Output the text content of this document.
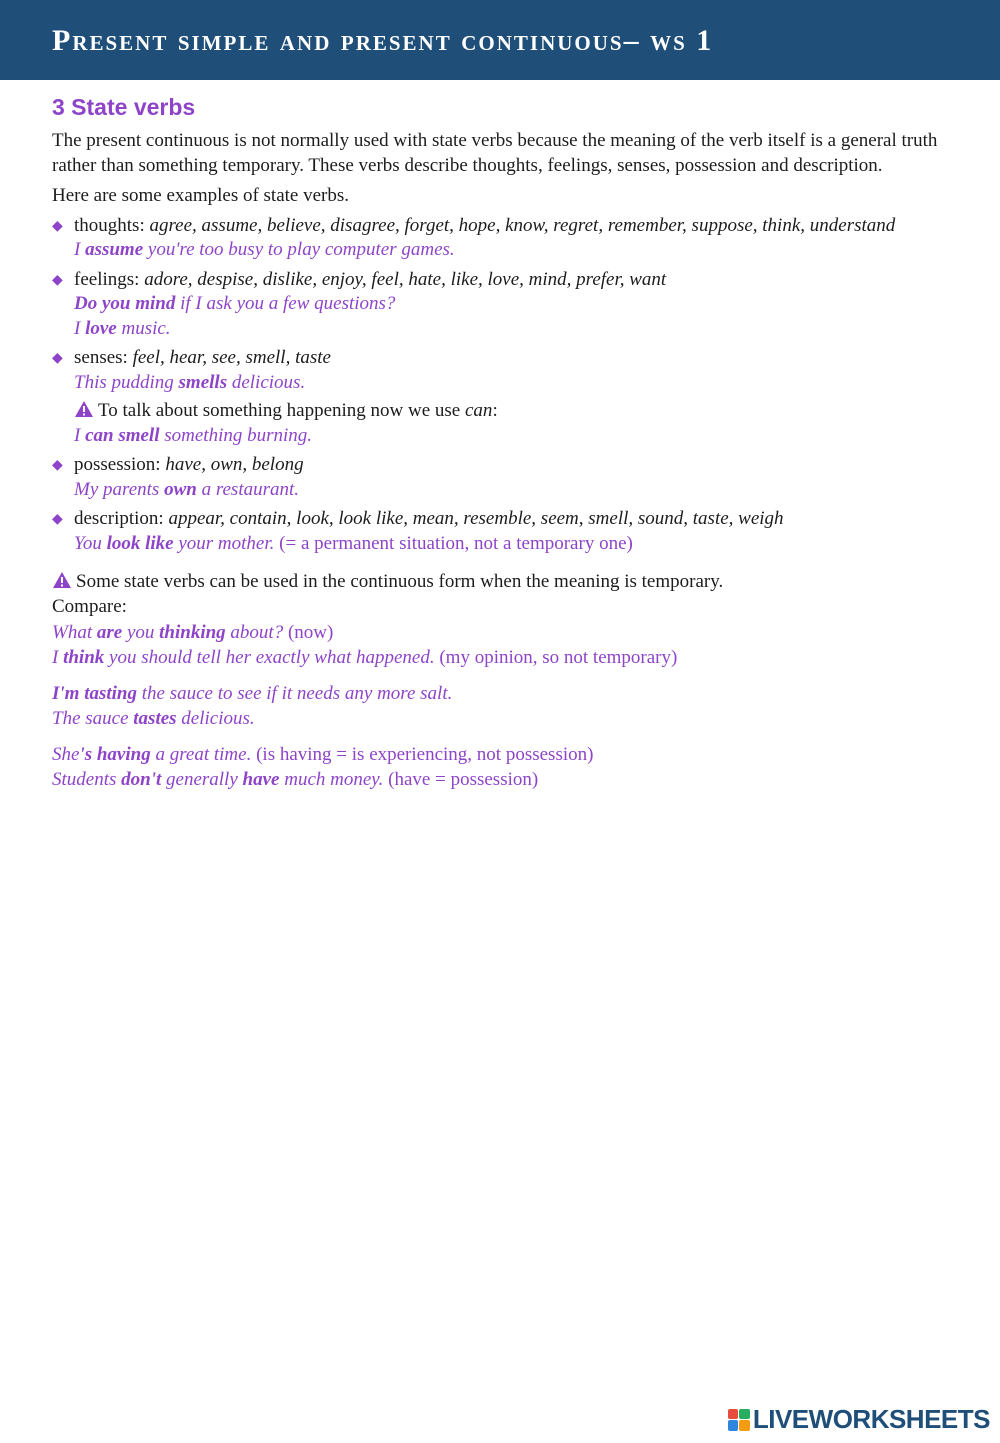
Present simple and present continuous– ws 1
3 State verbs

The present continuous is not normally used with state verbs because the meaning of the verb itself is a general truth rather than something temporary. These verbs describe thoughts, feelings, senses, possession and description.

Here are some examples of state verbs.

◆ thoughts: agree, assume, believe, disagree, forget, hope, know, regret, remember, suppose, think, understand

I assume you're too busy to play computer games.

◆ feelings: adore, despise, dislike, enjoy, feel, hate, like, love, mind, prefer, want

Do you mind if I ask you a few questions?

I love music.

◆ senses: feel, hear, see, smell, taste

This pudding smells delicious.

To talk about something happening now we use can:

I can smell something burning.

◆ possession: have, own, belong

My parents own a restaurant.

◆ description: appear, contain, look, look like, mean, resemble, seem, smell, sound, taste, weigh

You look like your mother. (= a permanent situation, not a temporary one)

Some state verbs can be used in the continuous form when the meaning is temporary.

Compare:

What are you thinking about? (now)

I think you should tell her exactly what happened. (my opinion, so not temporary)

I'm tasting the sauce to see if it needs any more salt.

The sauce tastes delicious.

She's having a great time. (is having = is experiencing, not possession)

Students don't generally have much money. (have = possession)

LIVEWORKSHEETS
